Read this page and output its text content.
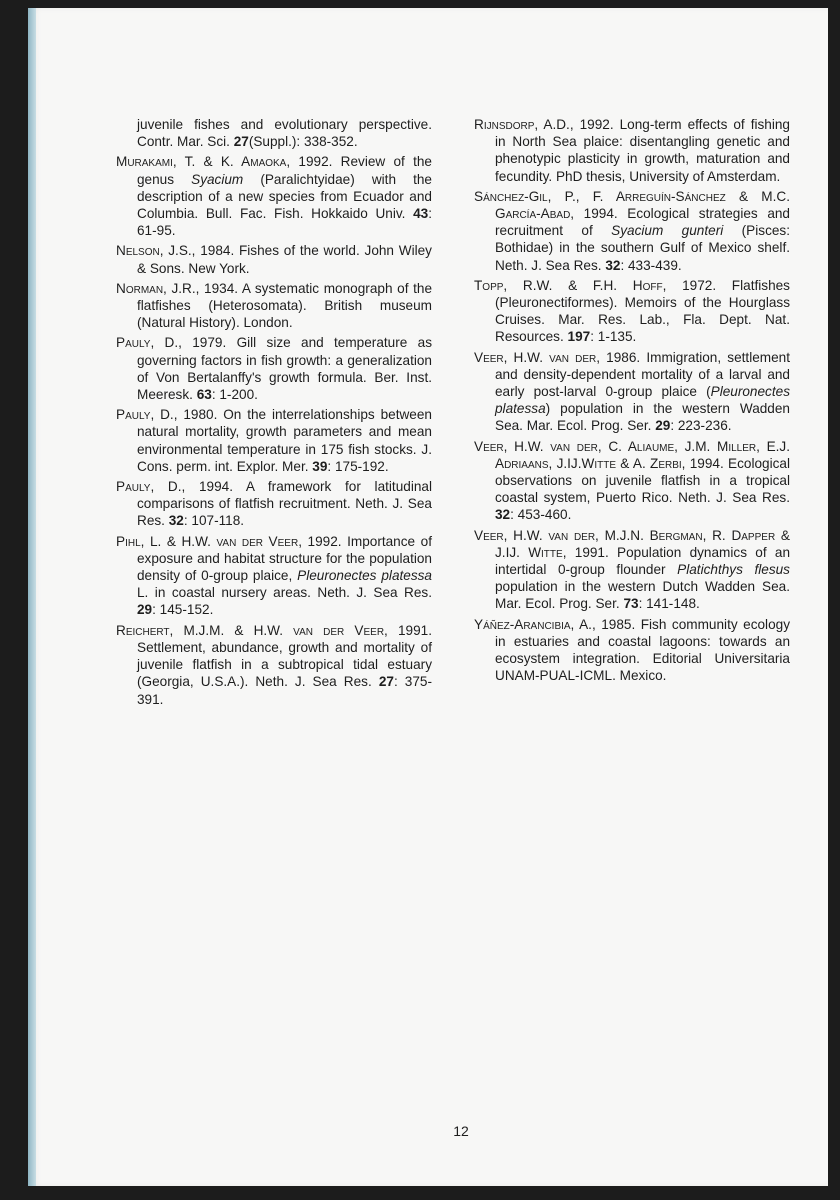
juvenile fishes and evolutionary perspective. Contr. Mar. Sci. 27(Suppl.): 338-352.

Murakami, T. & K. Amaoka, 1992. Review of the genus Syacium (Paralichtyidae) with the description of a new species from Ecuador and Columbia. Bull. Fac. Fish. Hokkaido Univ. 43: 61-95.

Nelson, J.S., 1984. Fishes of the world. John Wiley & Sons. New York.

Norman, J.R., 1934. A systematic monograph of the flatfishes (Heterosomata). British museum (Natural History). London.

Pauly, D., 1979. Gill size and temperature as governing factors in fish growth: a generalization of Von Bertalanffy's growth formula. Ber. Inst. Meeresk. 63: 1-200.

Pauly, D., 1980. On the interrelationships between natural mortality, growth parameters and mean environmental temperature in 175 fish stocks. J. Cons. perm. int. Explor. Mer. 39: 175-192.

Pauly, D., 1994. A framework for latitudinal comparisons of flatfish recruitment. Neth. J. Sea Res. 32: 107-118.

Pihl, L. & H.W. van der Veer, 1992. Importance of exposure and habitat structure for the population density of 0-group plaice, Pleuronectes platessa L. in coastal nursery areas. Neth. J. Sea Res. 29: 145-152.

Reichert, M.J.M. & H.W. van der Veer, 1991. Settlement, abundance, growth and mortality of juvenile flatfish in a subtropical tidal estuary (Georgia, U.S.A.). Neth. J. Sea Res. 27: 375-391.

Rijnsdorp, A.D., 1992. Long-term effects of fishing in North Sea plaice: disentangling genetic and phenotypic plasticity in growth, maturation and fecundity. PhD thesis, University of Amsterdam.

Sánchez-Gil, P., F. Arreguín-Sánchez & M.C. García-Abad, 1994. Ecological strategies and recruitment of Syacium gunteri (Pisces: Bothidae) in the southern Gulf of Mexico shelf. Neth. J. Sea Res. 32: 433-439.

Topp, R.W. & F.H. Hoff, 1972. Flatfishes (Pleuronectiformes). Memoirs of the Hourglass Cruises. Mar. Res. Lab., Fla. Dept. Nat. Resources. 197: 1-135.

Veer, H.W. van der, 1986. Immigration, settlement and density-dependent mortality of a larval and early post-larval 0-group plaice (Pleuronectes platessa) population in the western Wadden Sea. Mar. Ecol. Prog. Ser. 29: 223-236.

Veer, H.W. van der, C. Aliaume, J.M. Miller, E.J. Adriaans, J.IJ.Witte & A. Zerbi, 1994. Ecological observations on juvenile flatfish in a tropical coastal system, Puerto Rico. Neth. J. Sea Res. 32: 453-460.

Veer, H.W. van der, M.J.N. Bergman, R. Dapper & J.IJ. Witte, 1991. Population dynamics of an intertidal 0-group flounder Platichthys flesus population in the western Dutch Wadden Sea. Mar. Ecol. Prog. Ser. 73: 141-148.

Yáñez-Arancibia, A., 1985. Fish community ecology in estuaries and coastal lagoons: towards an ecosystem integration. Editorial Universitaria UNAM-PUAL-ICML. Mexico.

12
